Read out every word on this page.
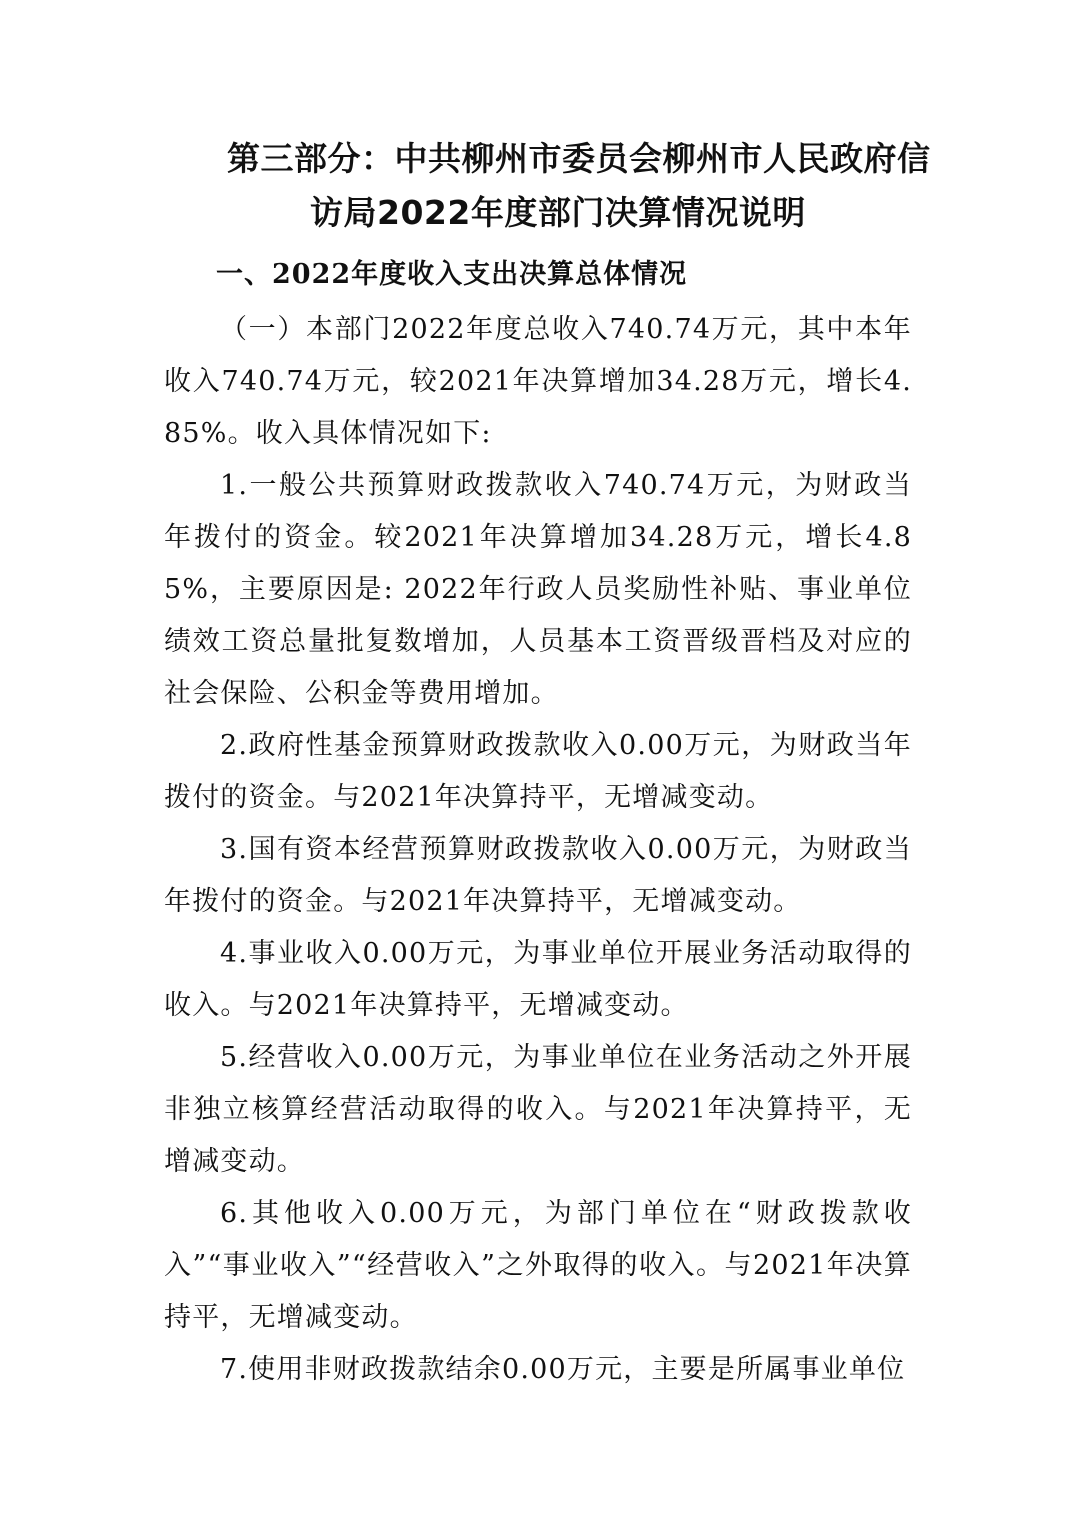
第三部分：中共柳州市委员会柳州市人民政府信
访局2022年度部门决算情况说明
一、2022年度收入支出决算总体情况
（一）本部门2022年度总收入740.74万元，其中本年收入740.74万元，较2021年决算增加34.28万元，增长4.85%。收入具体情况如下:
1.一般公共预算财政拨款收入740.74万元，为财政当年拨付的资金。较2021年决算增加34.28万元，增长4.85%，主要原因是: 2022年行政人员奖励性补贴、事业单位绩效工资总量批复数增加，人员基本工资晋级晋档及对应的社会保险、公积金等费用增加。
2.政府性基金预算财政拨款收入0.00万元，为财政当年拨付的资金。与2021年决算持平，无增减变动。
3.国有资本经营预算财政拨款收入0.00万元，为财政当年拨付的资金。与2021年决算持平，无增减变动。
4.事业收入0.00万元，为事业单位开展业务活动取得的收入。与2021年决算持平，无增减变动。
5.经营收入0.00万元，为事业单位在业务活动之外开展非独立核算经营活动取得的收入。与2021年决算持平，无增减变动。
6.其他收入0.00万元，为部门单位在“财政拨款收入”“事业收入”“经营收入”之外取得的收入。与2021年决算持平，无增减变动。
7.使用非财政拨款结余0.00万元，主要是所属事业单位
